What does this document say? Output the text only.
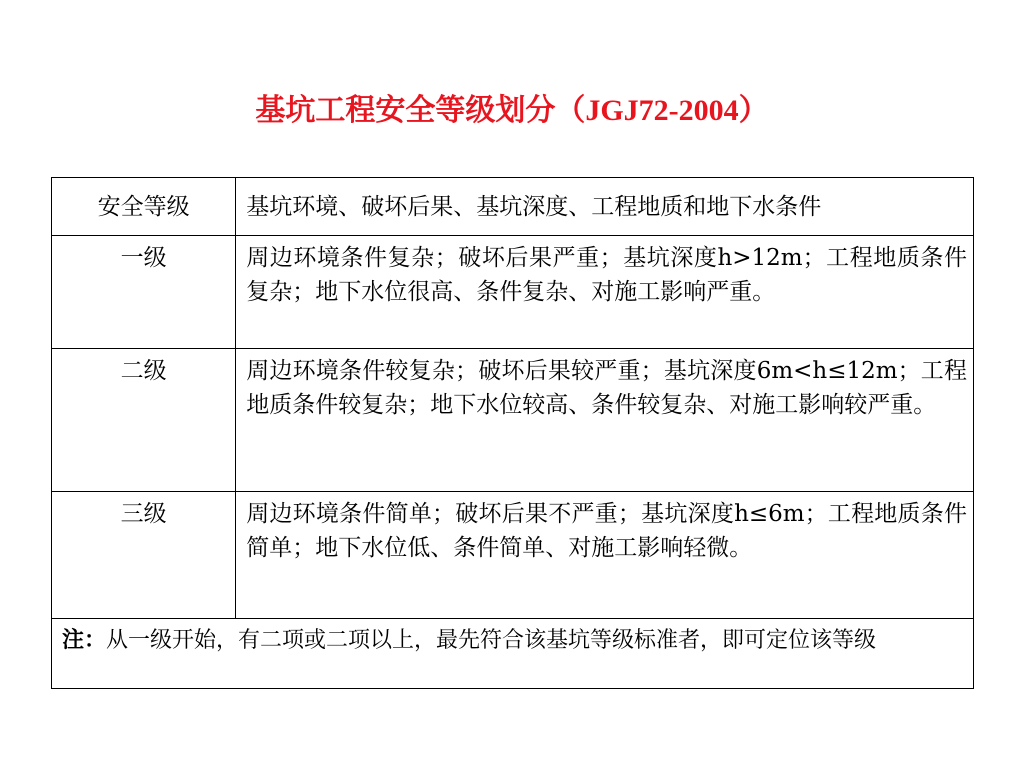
基坑工程安全等级划分（JGJ72-2004）
安全等级	基坑环境、破坏后果、基坑深度、工程地质和地下水条件
一级	周边环境条件复杂；破坏后果严重；基坑深度h>12m；工程地质条件复杂；地下水位很高、条件复杂、对施工影响严重。
二级	周边环境条件较复杂；破坏后果较严重；基坑深度6m<h≤12m；工程地质条件较复杂；地下水位较高、条件较复杂、对施工影响较严重。
三级	周边环境条件简单；破坏后果不严重；基坑深度h≤6m；工程地质条件简单；地下水位低、条件简单、对施工影响轻微。
注：从一级开始，有二项或二项以上，最先符合该基坑等级标准者，即可定位该等级	
